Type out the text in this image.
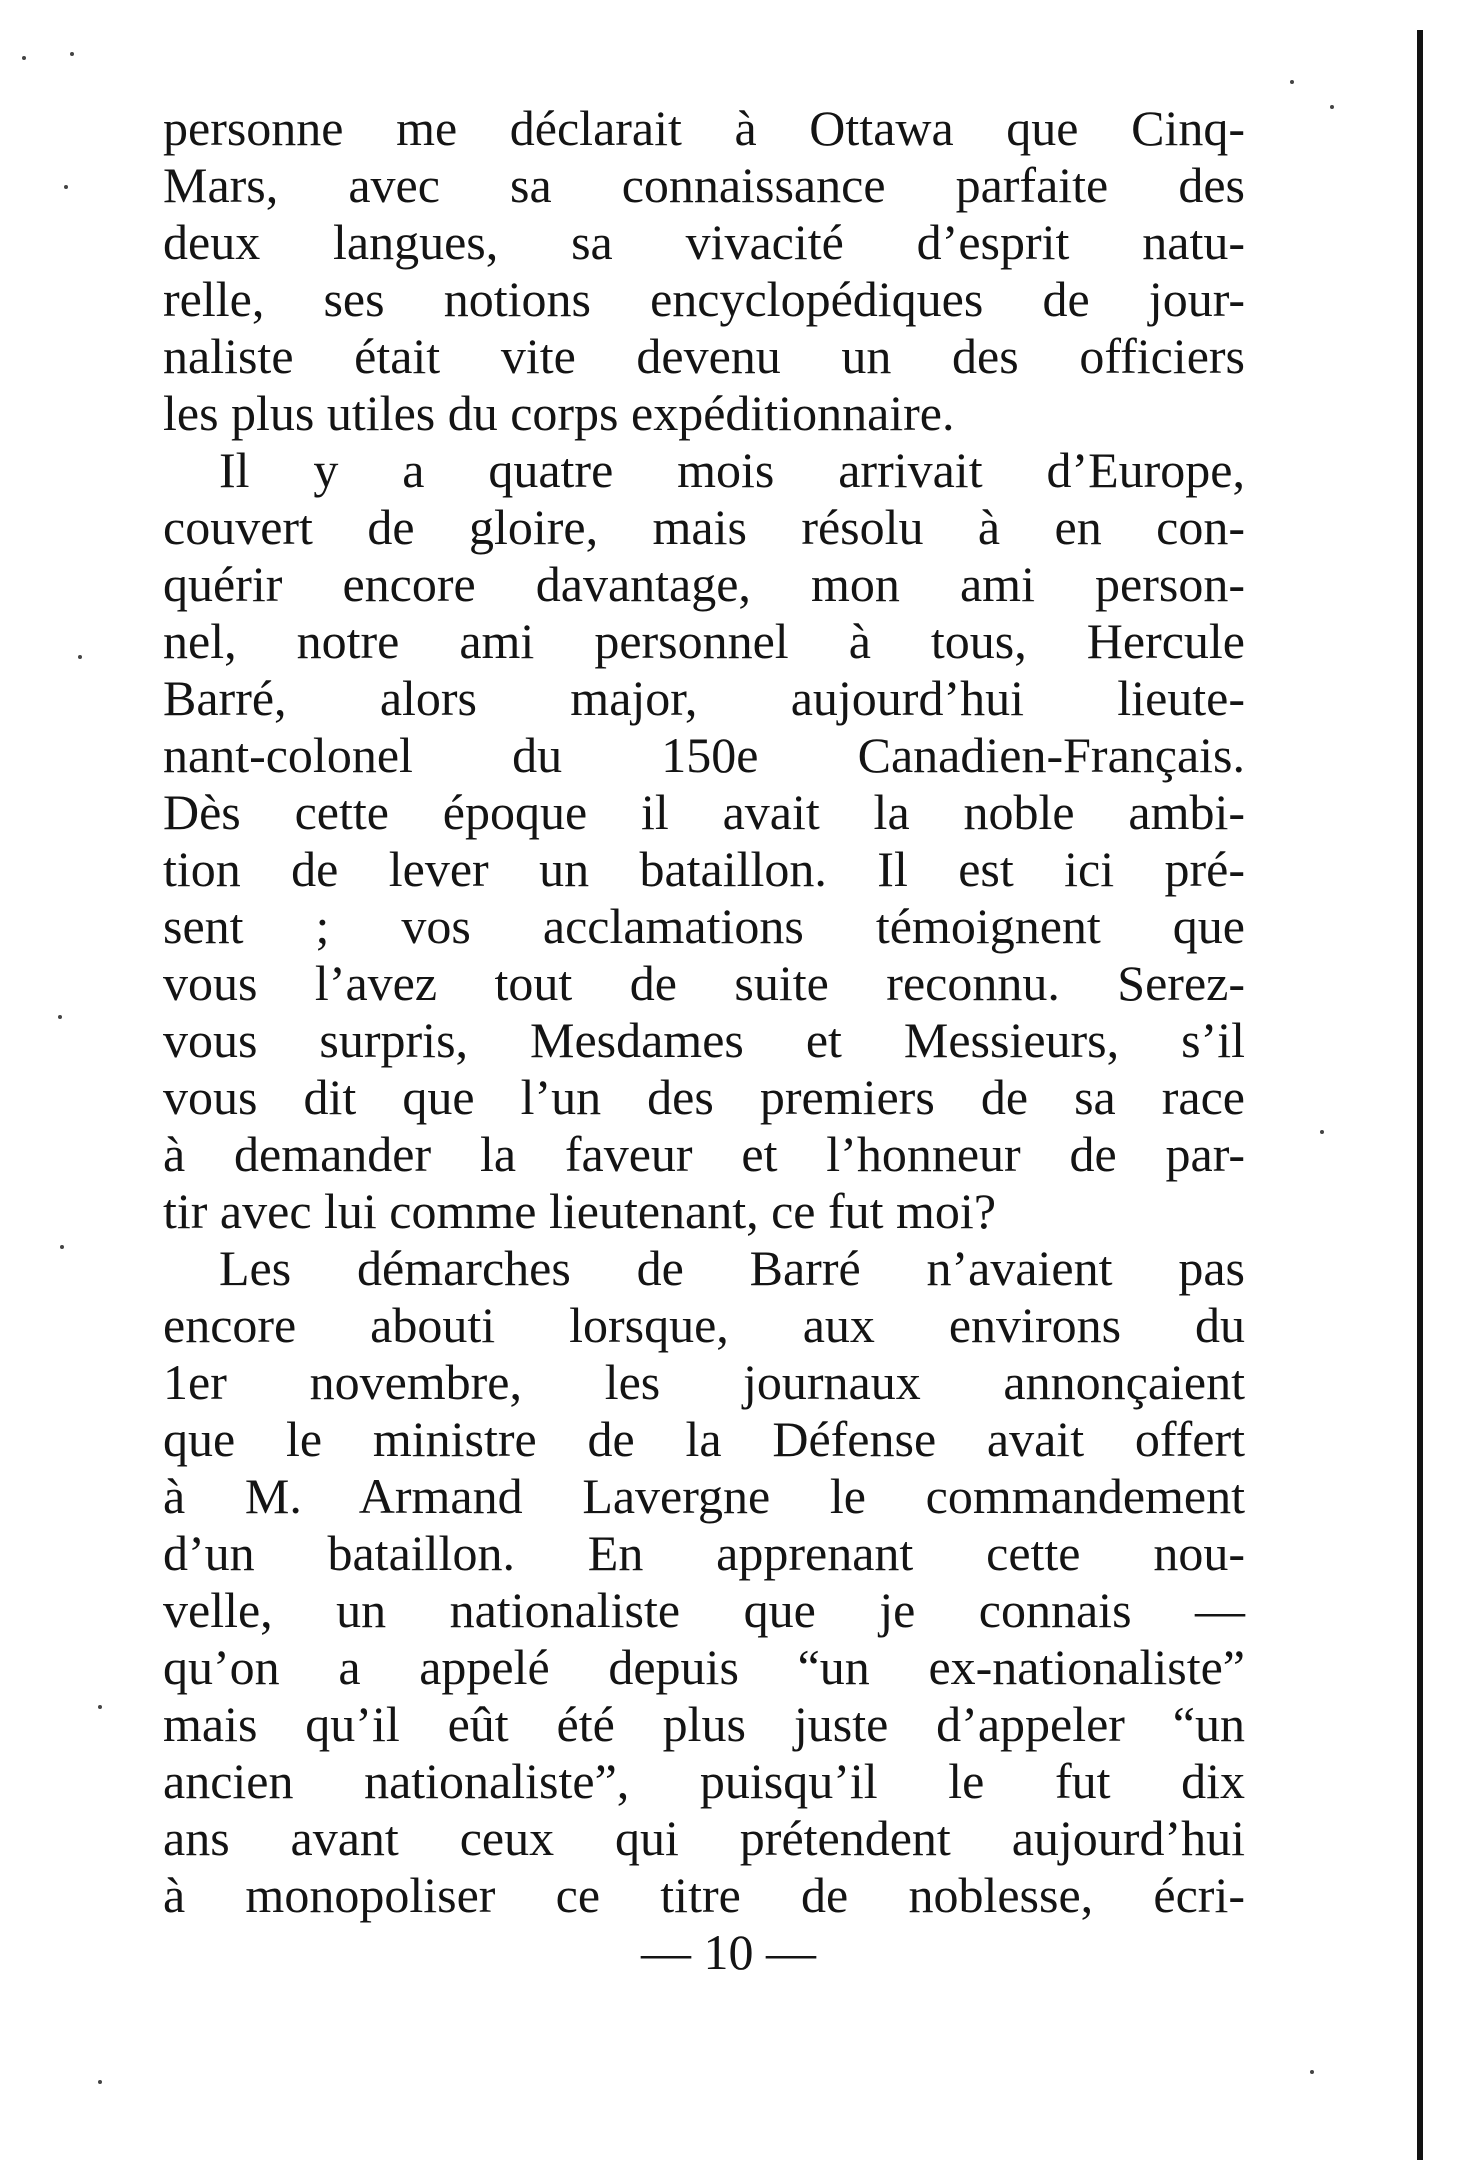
personne me déclarait à Ottawa que Cinq-
Mars, avec sa connaissance parfaite des
deux langues, sa vivacité d’esprit natu-
relle, ses notions encyclopédiques de jour-
naliste était vite devenu un des officiers
les plus utiles du corps expéditionnaire.
Il y a quatre mois arrivait d’Europe,
couvert de gloire, mais résolu à en con-
quérir encore davantage, mon ami person-
nel, notre ami personnel à tous, Hercule
Barré, alors major, aujourd’hui lieute-
nant-colonel du 150e Canadien-Français.
Dès cette époque il avait la noble ambi-
tion de lever un bataillon. Il est ici pré-
sent ; vos acclamations témoignent que
vous l’avez tout de suite reconnu. Serez-
vous surpris, Mesdames et Messieurs, s’il
vous dit que l’un des premiers de sa race
à demander la faveur et l’honneur de par-
tir avec lui comme lieutenant, ce fut moi?
Les démarches de Barré n’avaient pas
encore abouti lorsque, aux environs du
1er novembre, les journaux annonçaient
que le ministre de la Défense avait offert
à M. Armand Lavergne le commandement
d’un bataillon. En apprenant cette nou-
velle, un nationaliste que je connais —
qu’on a appelé depuis “un ex-nationaliste”
mais qu’il eût été plus juste d’appeler “un
ancien nationaliste”, puisqu’il le fut dix
ans avant ceux qui prétendent aujourd’hui
à monopoliser ce titre de noblesse, écri-
— 10 —
